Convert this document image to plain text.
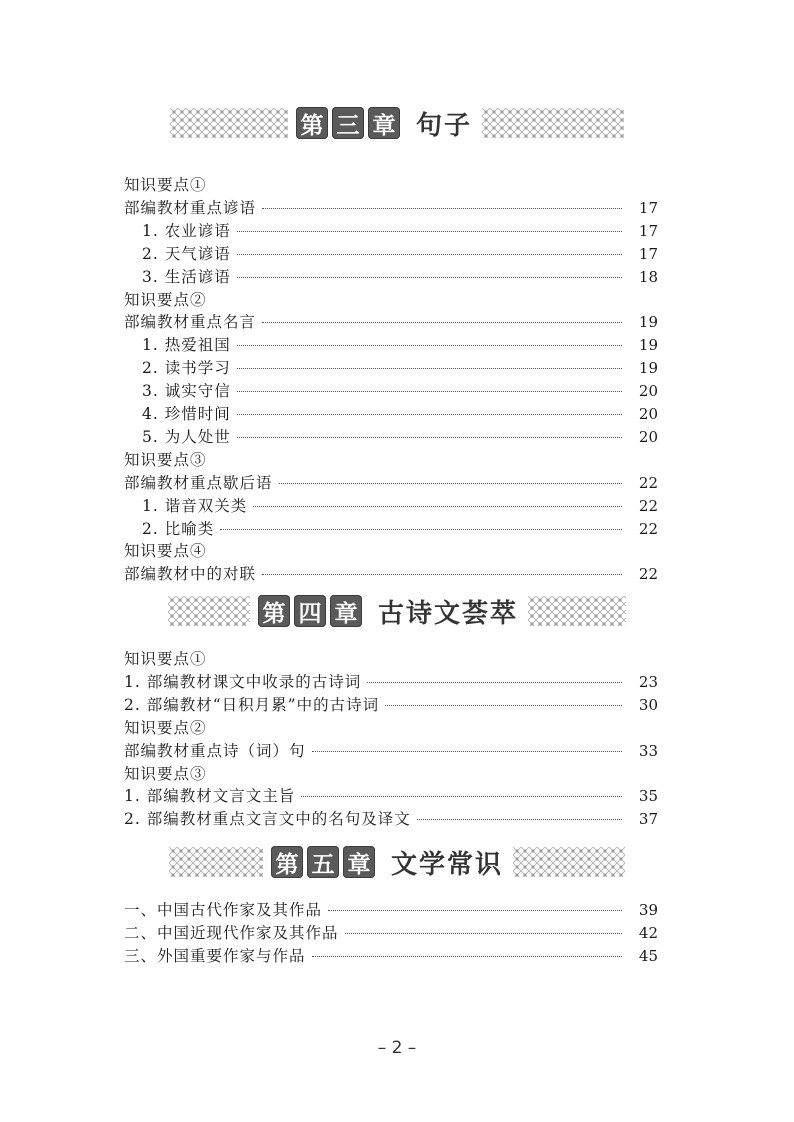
第 三 章 句子
知识要点①
部编教材重点谚语	17
1. 农业谚语	17
2. 天气谚语	17
3. 生活谚语	18
知识要点②
部编教材重点名言	19
1. 热爱祖国	19
2. 读书学习	19
3. 诚实守信	20
4. 珍惜时间	20
5. 为人处世	20
知识要点③
部编教材重点歇后语	22
1. 谐音双关类	22
2. 比喻类	22
知识要点④
部编教材中的对联	22
第 四 章 古诗文荟萃
知识要点①
1. 部编教材课文中收录的古诗词	23
2. 部编教材“日积月累”中的古诗词	30
知识要点②
部编教材重点诗（词）句	33
知识要点③
1. 部编教材文言文主旨	35
2. 部编教材重点文言文中的名句及译文	37
第 五 章 文学常识
一、中国古代作家及其作品	39
二、中国近现代作家及其作品	42
三、外国重要作家与作品	45
– 2 –
